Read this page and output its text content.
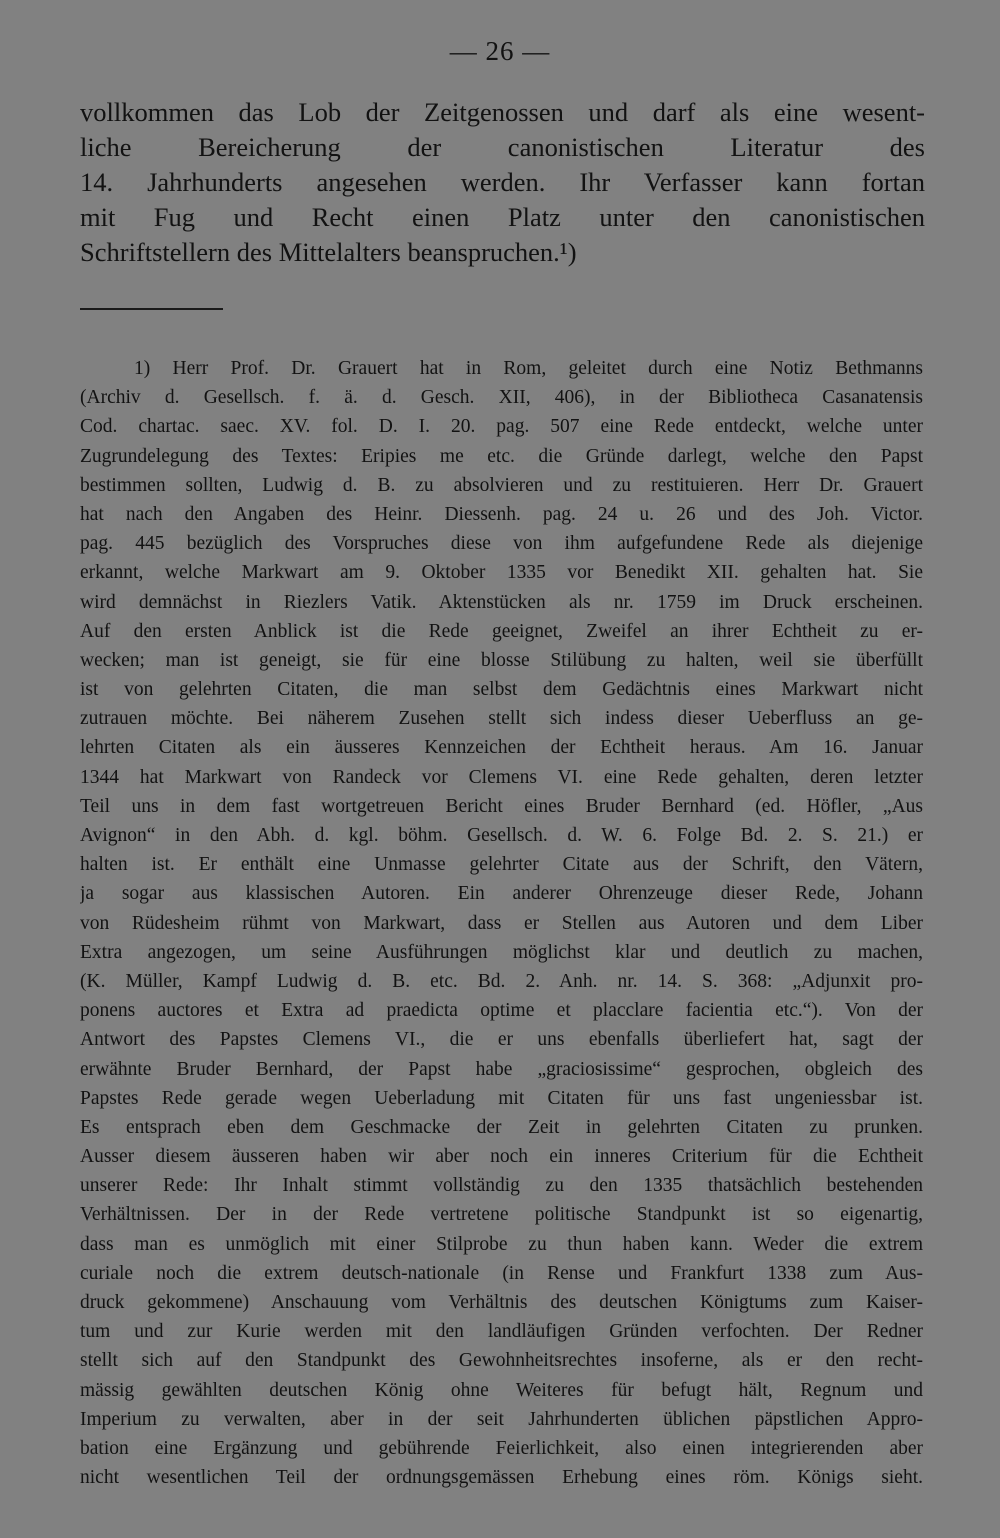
— 26 —
vollkommen das Lob der Zeitgenossen und darf als eine wesent-
liche Bereicherung der canonistischen Literatur des
14. Jahrhunderts angesehen werden. Ihr Verfasser kann fortan
mit Fug und Recht einen Platz unter den canonistischen
Schriftstellern des Mittelalters beanspruchen.¹)
1) Herr Prof. Dr. Grauert hat in Rom, geleitet durch eine Notiz Bethmanns
(Archiv d. Gesellsch. f. ä. d. Gesch. XII, 406), in der Bibliotheca Casanatensis
Cod. chartac. saec. XV. fol. D. I. 20. pag. 507 eine Rede entdeckt, welche unter
Zugrundelegung des Textes: Eripies me etc. die Gründe darlegt, welche den Papst
bestimmen sollten, Ludwig d. B. zu absolvieren und zu restituieren. Herr Dr. Grauert
hat nach den Angaben des Heinr. Diessenh. pag. 24 u. 26 und des Joh. Victor.
pag. 445 bezüglich des Vorspruches diese von ihm aufgefundene Rede als diejenige
erkannt, welche Markwart am 9. Oktober 1335 vor Benedikt XII. gehalten hat. Sie
wird demnächst in Riezlers Vatik. Aktenstücken als nr. 1759 im Druck erscheinen.
Auf den ersten Anblick ist die Rede geeignet, Zweifel an ihrer Echtheit zu er-
wecken; man ist geneigt, sie für eine blosse Stilübung zu halten, weil sie überfüllt
ist von gelehrten Citaten, die man selbst dem Gedächtnis eines Markwart nicht
zutrauen möchte. Bei näherem Zusehen stellt sich indess dieser Ueberfluss an ge-
lehrten Citaten als ein äusseres Kennzeichen der Echtheit heraus. Am 16. Januar
1344 hat Markwart von Randeck vor Clemens VI. eine Rede gehalten, deren letzter
Teil uns in dem fast wortgetreuen Bericht eines Bruder Bernhard (ed. Höfler, „Aus
Avignon“ in den Abh. d. kgl. böhm. Gesellsch. d. W. 6. Folge Bd. 2. S. 21.) er
halten ist. Er enthält eine Unmasse gelehrter Citate aus der Schrift, den Vätern,
ja sogar aus klassischen Autoren. Ein anderer Ohrenzeuge dieser Rede, Johann
von Rüdesheim rühmt von Markwart, dass er Stellen aus Autoren und dem Liber
Extra angezogen, um seine Ausführungen möglichst klar und deutlich zu machen,
(K. Müller, Kampf Ludwig d. B. etc. Bd. 2. Anh. nr. 14. S. 368: „Adjunxit pro-
ponens auctores et Extra ad praedicta optime et placclare facientia etc.“). Von der
Antwort des Papstes Clemens VI., die er uns ebenfalls überliefert hat, sagt der
erwähnte Bruder Bernhard, der Papst habe „graciosissime“ gesprochen, obgleich des
Papstes Rede gerade wegen Ueberladung mit Citaten für uns fast ungeniessbar ist.
Es entsprach eben dem Geschmacke der Zeit in gelehrten Citaten zu prunken.
Ausser diesem äusseren haben wir aber noch ein inneres Criterium für die Echtheit
unserer Rede: Ihr Inhalt stimmt vollständig zu den 1335 thatsächlich bestehenden
Verhältnissen. Der in der Rede vertretene politische Standpunkt ist so eigenartig,
dass man es unmöglich mit einer Stilprobe zu thun haben kann. Weder die extrem
curiale noch die extrem deutsch-nationale (in Rense und Frankfurt 1338 zum Aus-
druck gekommene) Anschauung vom Verhältnis des deutschen Königtums zum Kaiser-
tum und zur Kurie werden mit den landläufigen Gründen verfochten. Der Redner
stellt sich auf den Standpunkt des Gewohnheitsrechtes insoferne, als er den recht-
mässig gewählten deutschen König ohne Weiteres für befugt hält, Regnum und
Imperium zu verwalten, aber in der seit Jahrhunderten üblichen päpstlichen Appro-
bation eine Ergänzung und gebührende Feierlichkeit, also einen integrierenden aber
nicht wesentlichen Teil der ordnungsgemässen Erhebung eines röm. Königs sieht.
